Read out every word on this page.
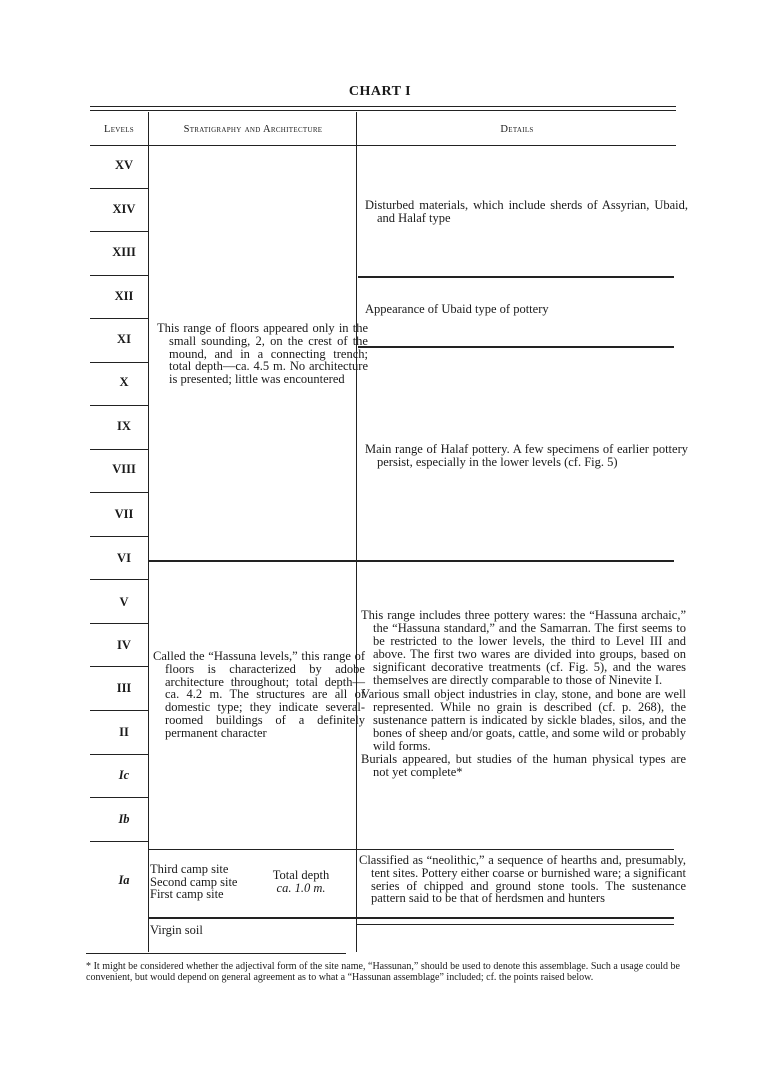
CHART I
Levels	Stratigraphy and Architecture	Details
XV
XIV
XIII
XII
XI
X
IX
VIII
VII
VI
V
IV
III
II
Ic
Ib
Ia
This range of floors appeared only in the small sounding, 2, on the crest of the mound, and in a connecting trench; total depth—ca. 4.5 m. No architecture is presented; little was encountered
Called the “Hassuna levels,” this range of floors is characterized by adobe architecture throughout; total depth—ca. 4.2 m. The structures are all of domestic type; they indicate several-roomed buildings of a definitely permanent character
Third camp site
Second camp site
First camp site
Total depth
ca. 1.0 m.
Virgin soil
Disturbed materials, which include sherds of Assyrian, Ubaid, and Halaf type
Appearance of Ubaid type of pottery
Main range of Halaf pottery. A few specimens of earlier pottery persist, especially in the lower levels (cf. Fig. 5)

This range includes three pottery wares: the “Hassuna archaic,” the “Hassuna standard,” and the Samarran. The first seems to be restricted to the lower levels, the third to Level III and above. The first two wares are divided into groups, based on significant decorative treatments (cf. Fig. 5), and the wares themselves are directly comparable to those of Ninevite I.

Various small object industries in clay, stone, and bone are well represented. While no grain is described (cf. p. 268), the sustenance pattern is indicated by sickle blades, silos, and the bones of sheep and/or goats, cattle, and some wild or probably wild forms.

Burials appeared, but studies of the human physical types are not yet complete*

Classified as “neolithic,” a sequence of hearths and, presumably, tent sites. Pottery either coarse or burnished ware; a significant series of chipped and ground stone tools. The sustenance pattern said to be that of herdsmen and hunters
* It might be considered whether the adjectival form of the site name, “Hassunan,” should be used to denote this assemblage. Such a usage could be convenient, but would depend on general agreement as to what a “Hassunan assemblage” included; cf. the points raised below.
